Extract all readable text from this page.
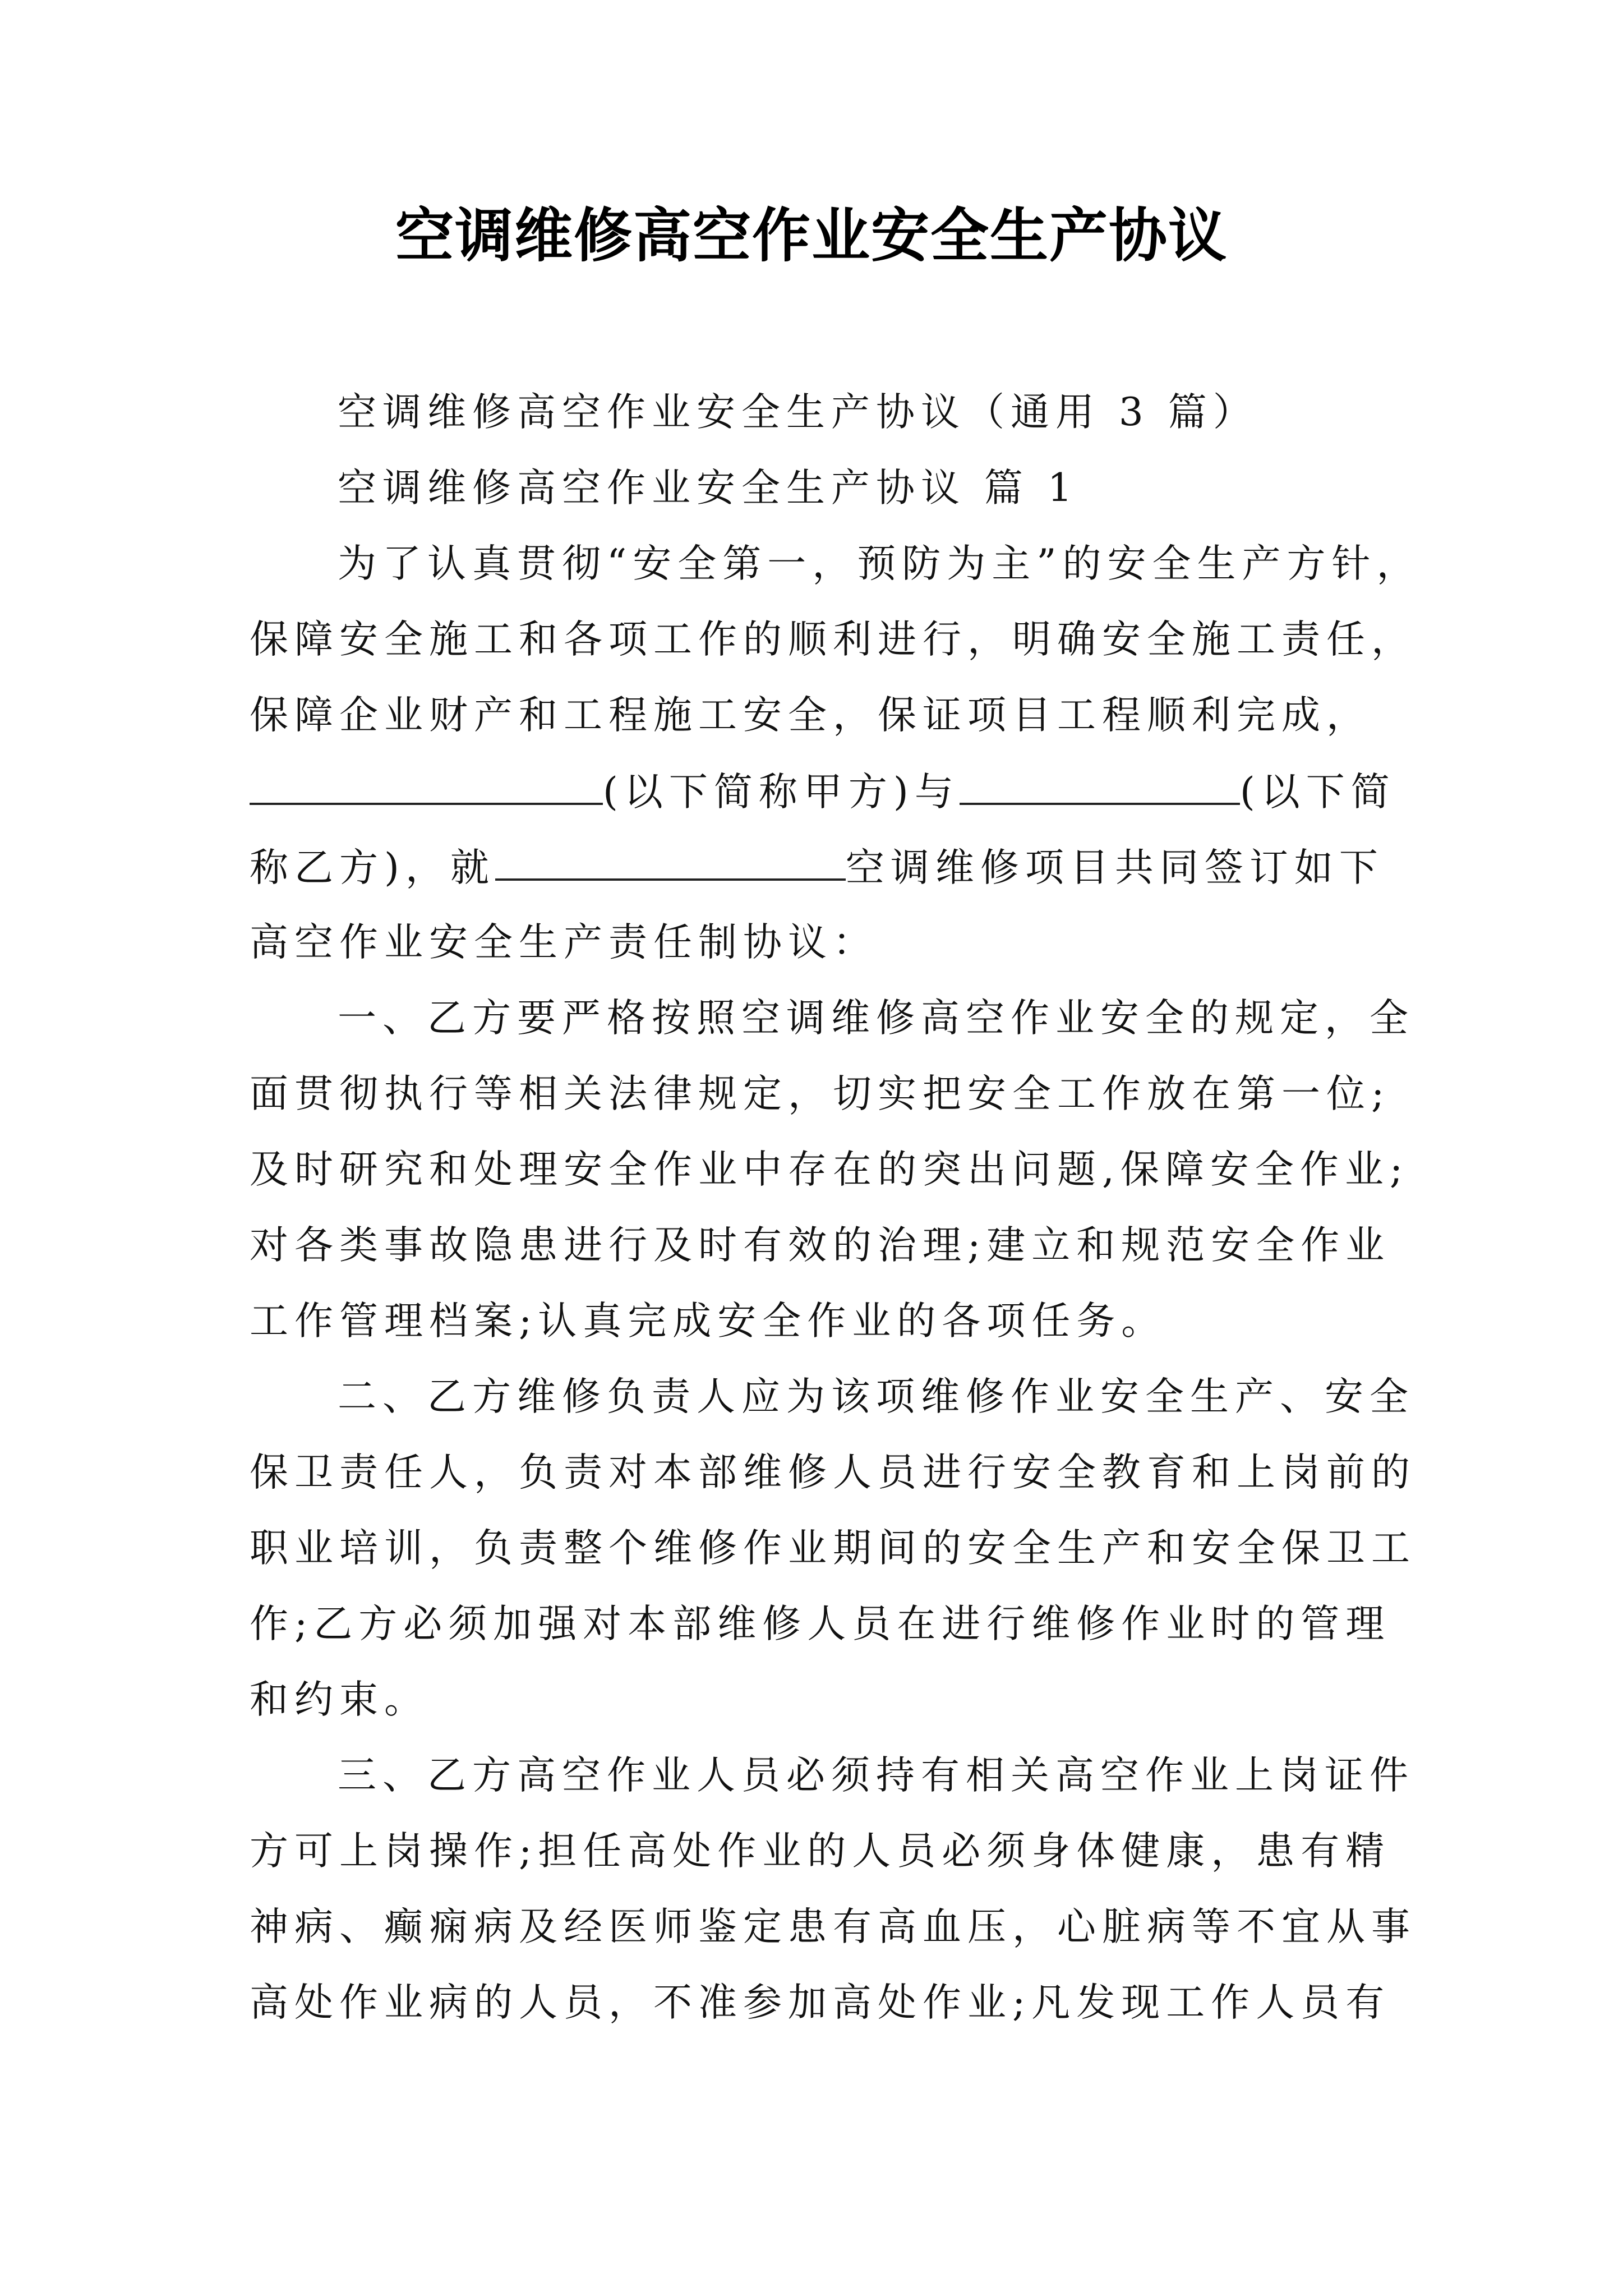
空调维修高空作业安全生产协议
空调维修高空作业安全生产协议（通用 3 篇）
空调维修高空作业安全生产协议 篇 1
为了认真贯彻“安全第一，预防为主”的安全生产方针，
保障安全施工和各项工作的顺利进行，明确安全施工责任，
保障企业财产和工程施工安全，保证项目工程顺利完成，
(以下简称甲方)与	(以下简
称乙方)，就	空调维修项目共同签订如下
高空作业安全生产责任制协议：
一、乙方要严格按照空调维修高空作业安全的规定，全
面贯彻执行等相关法律规定，切实把安全工作放在第一位;
及时研究和处理安全作业中存在的突出问题,保障安全作业;
对各类事故隐患进行及时有效的治理;建立和规范安全作业
工作管理档案;认真完成安全作业的各项任务。
二、乙方维修负责人应为该项维修作业安全生产、安全
保卫责任人，负责对本部维修人员进行安全教育和上岗前的
职业培训，负责整个维修作业期间的安全生产和安全保卫工
作;乙方必须加强对本部维修人员在进行维修作业时的管理
和约束。
三、乙方高空作业人员必须持有相关高空作业上岗证件
方可上岗操作;担任高处作业的人员必须身体健康，患有精
神病、癫痫病及经医师鉴定患有高血压，心脏病等不宜从事
高处作业病的人员，不准参加高处作业;凡发现工作人员有
